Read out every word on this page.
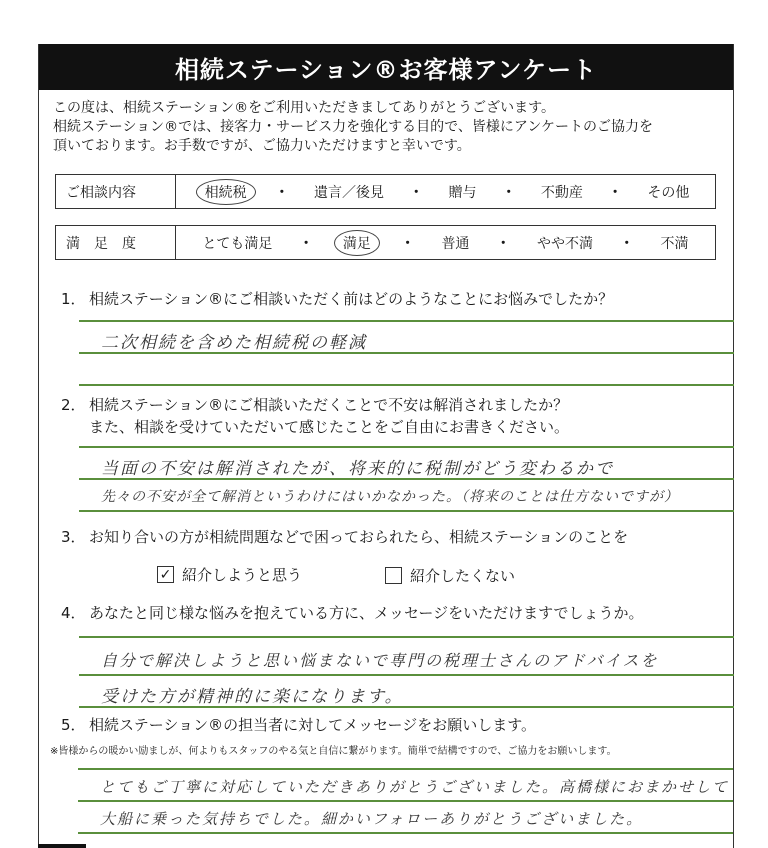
相続ステーション®お客様アンケート
この度は、相続ステーション®をご利用いただきましてありがとうございます。
相続ステーション®では、接客力・サービス力を強化する目的で、皆様にアンケートのご協力を
頂いております。お手数ですが、ご協力いただけますと幸いです。
ご相談内容	相続税	・	遺言／後見	・	贈与	・	不動産	・	その他
満　足　度	とても満足	・	満足	・	普通	・	やや不満	・	不満
1． 相続ステーション®にご相談いただく前はどのようなことにお悩みでしたか？
二次相続を含めた相続税の軽減
2． 相続ステーション®にご相談いただくことで不安は解消されましたか？
また、相談を受けていただいて感じたことをご自由にお書きください。
当面の不安は解消されたが、将来的に税制がどう変わるかで
先々の不安が全て解消というわけにはいかなかった。（将来のことは仕方ないですが）
3． お知り合いの方が相続問題などで困っておられたら、相続ステーションのことを
✓ 紹介しようと思う	紹介したくない
4． あなたと同じ様な悩みを抱えている方に、メッセージをいただけますでしょうか。
自分で解決しようと思い悩まないで専門の税理士さんのアドバイスを
受けた方が精神的に楽になります。
5． 相続ステーション®の担当者に対してメッセージをお願いします。
※皆様からの暖かい励ましが、何よりもスタッフのやる気と自信に繋がります。簡単で結構ですので、ご協力をお願いします。
とてもご丁寧に対応していただきありがとうございました。高橋様におまかせして
大船に乗った気持ちでした。細かいフォローありがとうございました。
